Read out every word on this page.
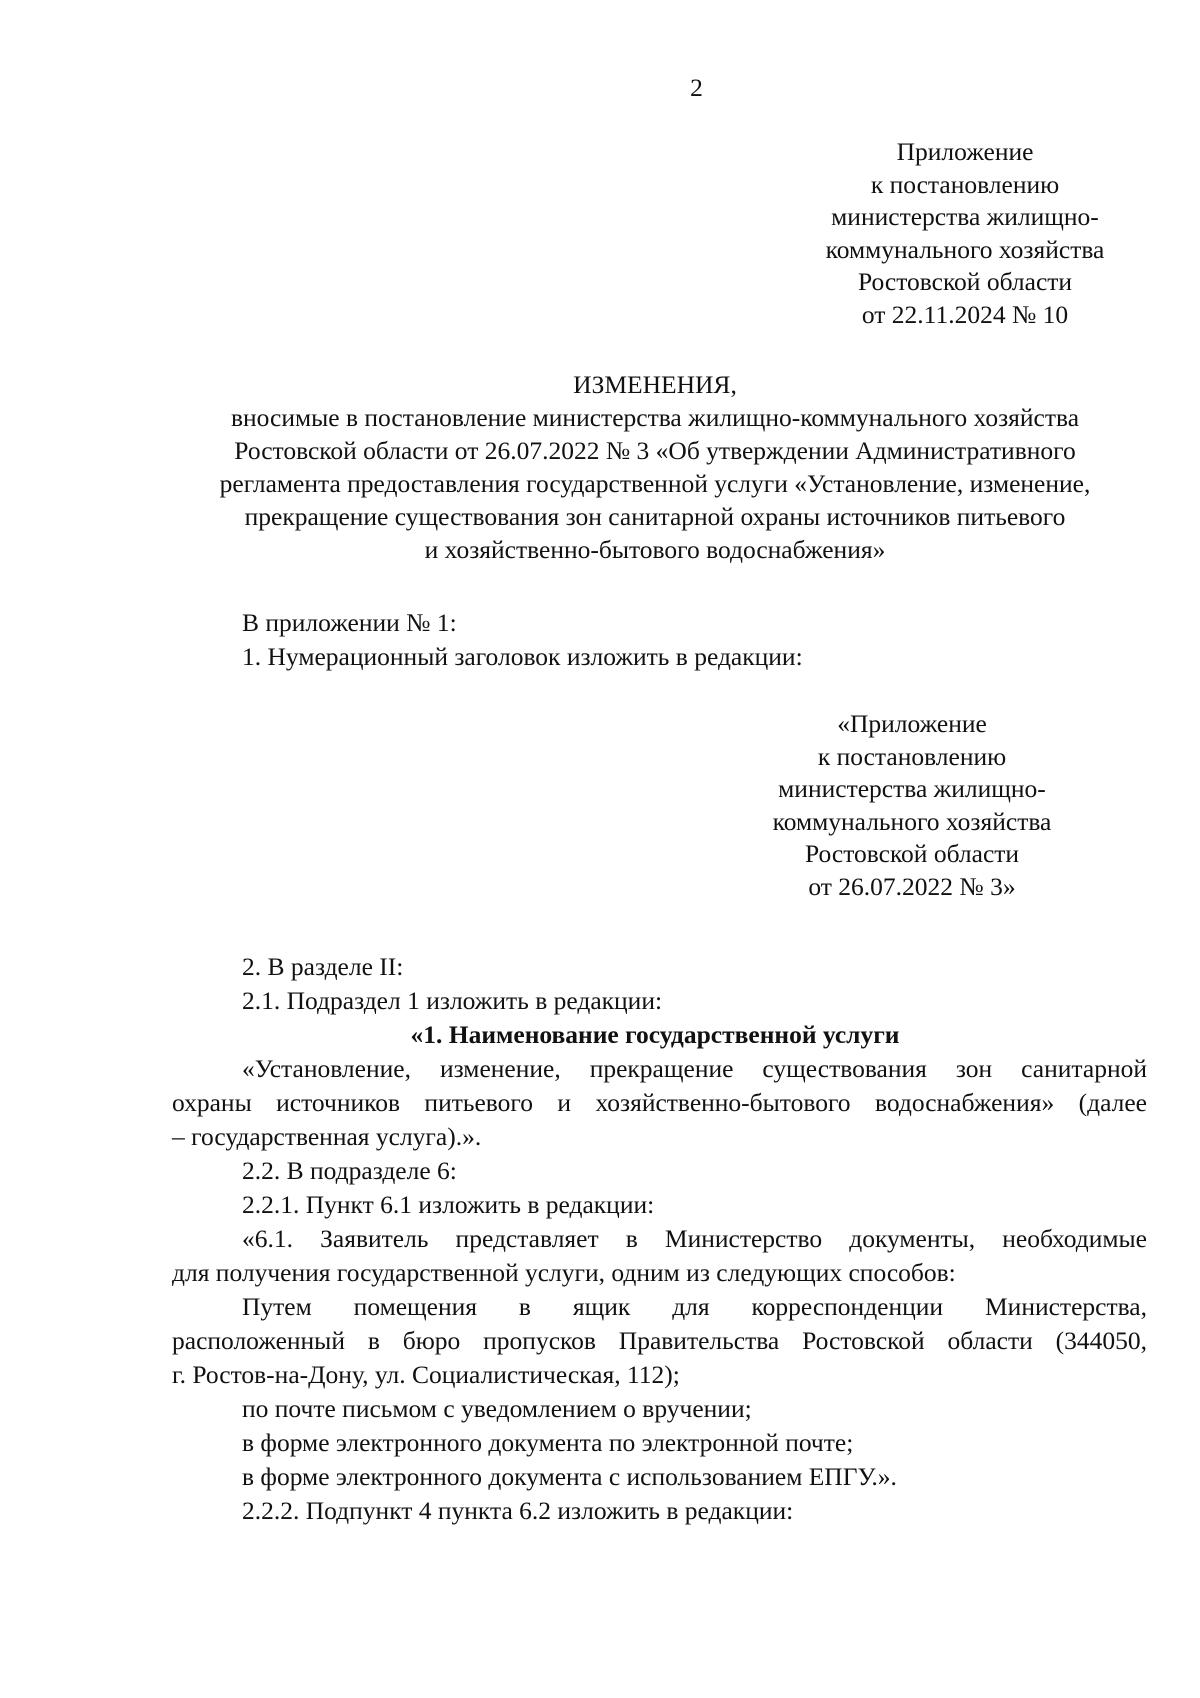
2
Приложение
к постановлению
министерства жилищно-
коммунального хозяйства
Ростовской области
от 22.11.2024 № 10
ИЗМЕНЕНИЯ,
вносимые в постановление министерства жилищно-коммунального хозяйства
Ростовской области от 26.07.2022 № 3 «Об утверждении Административного
регламента предоставления государственной услуги «Установление, изменение,
прекращение существования зон санитарной охраны источников питьевого
и хозяйственно-бытового водоснабжения»
В приложении № 1:
1. Нумерационный заголовок изложить в редакции:
«Приложение
к постановлению
министерства жилищно-
коммунального хозяйства
Ростовской области
от 26.07.2022 № 3»
2. В разделе II:
2.1. Подраздел 1 изложить в редакции:
«1. Наименование государственной услуги
«Установление, изменение, прекращение существования зон санитарной
охраны источников питьевого и хозяйственно-бытового водоснабжения» (далее
– государственная услуга).».
2.2. В подразделе 6:
2.2.1. Пункт 6.1 изложить в редакции:
«6.1. Заявитель представляет в Министерство документы, необходимые
для получения государственной услуги, одним из следующих способов:
Путем помещения в ящик для корреспонденции Министерства,
расположенный в бюро пропусков Правительства Ростовской области (344050,
г. Ростов-на-Дону, ул. Социалистическая, 112);
по почте письмом с уведомлением о вручении;
в форме электронного документа по электронной почте;
в форме электронного документа с использованием ЕПГУ.».
2.2.2. Подпункт 4 пункта 6.2 изложить в редакции:
